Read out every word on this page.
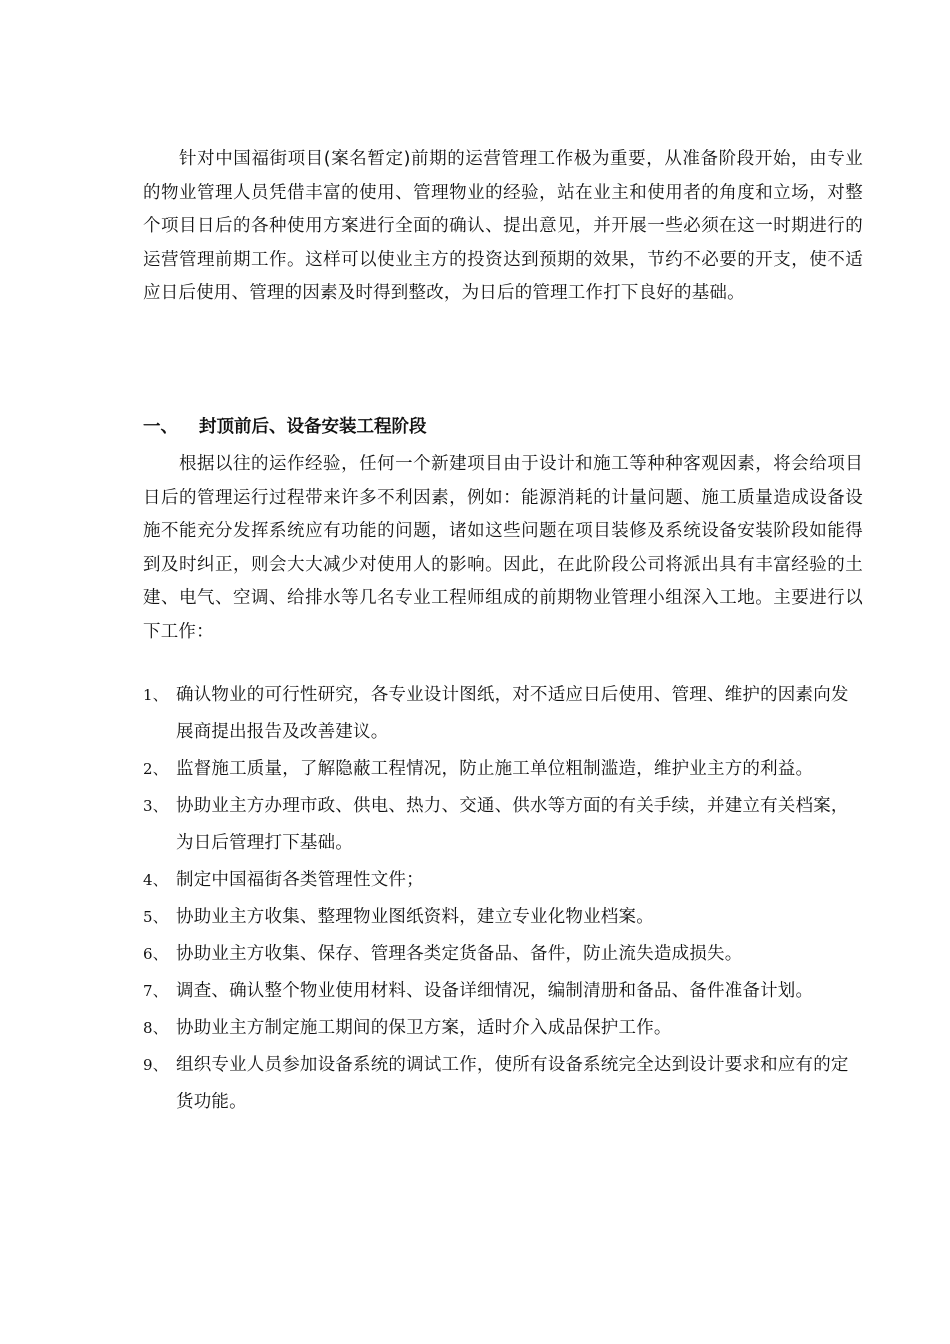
针对中国福街项目(案名暂定)前期的运营管理工作极为重要，从准备阶段开始，由专业的物业管理人员凭借丰富的使用、管理物业的经验，站在业主和使用者的角度和立场，对整个项目日后的各种使用方案进行全面的确认、提出意见，并开展一些必须在这一时期进行的运营管理前期工作。这样可以使业主方的投资达到预期的效果，节约不必要的开支，使不适应日后使用、管理的因素及时得到整改，为日后的管理工作打下良好的基础。

一、 封顶前后、设备安装工程阶段

根据以往的运作经验，任何一个新建项目由于设计和施工等种种客观因素，将会给项目日后的管理运行过程带来许多不利因素，例如：能源消耗的计量问题、施工质量造成设备设施不能充分发挥系统应有功能的问题，诸如这些问题在项目装修及系统设备安装阶段如能得到及时纠正，则会大大减少对使用人的影响。因此，在此阶段公司将派出具有丰富经验的土建、电气、空调、给排水等几名专业工程师组成的前期物业管理小组深入工地。主要进行以下工作：

1、 确认物业的可行性研究，各专业设计图纸，对不适应日后使用、管理、维护的因素向发展商提出报告及改善建议。
2、 监督施工质量，了解隐蔽工程情况，防止施工单位粗制滥造，维护业主方的利益。
3、 协助业主方办理市政、供电、热力、交通、供水等方面的有关手续，并建立有关档案，为日后管理打下基础。
4、 制定中国福街各类管理性文件；
5、 协助业主方收集、整理物业图纸资料，建立专业化物业档案。
6、 协助业主方收集、保存、管理各类定货备品、备件，防止流失造成损失。
7、 调查、确认整个物业使用材料、设备详细情况，编制清册和备品、备件准备计划。
8、 协助业主方制定施工期间的保卫方案，适时介入成品保护工作。
9、 组织专业人员参加设备系统的调试工作，使所有设备系统完全达到设计要求和应有的定货功能。
